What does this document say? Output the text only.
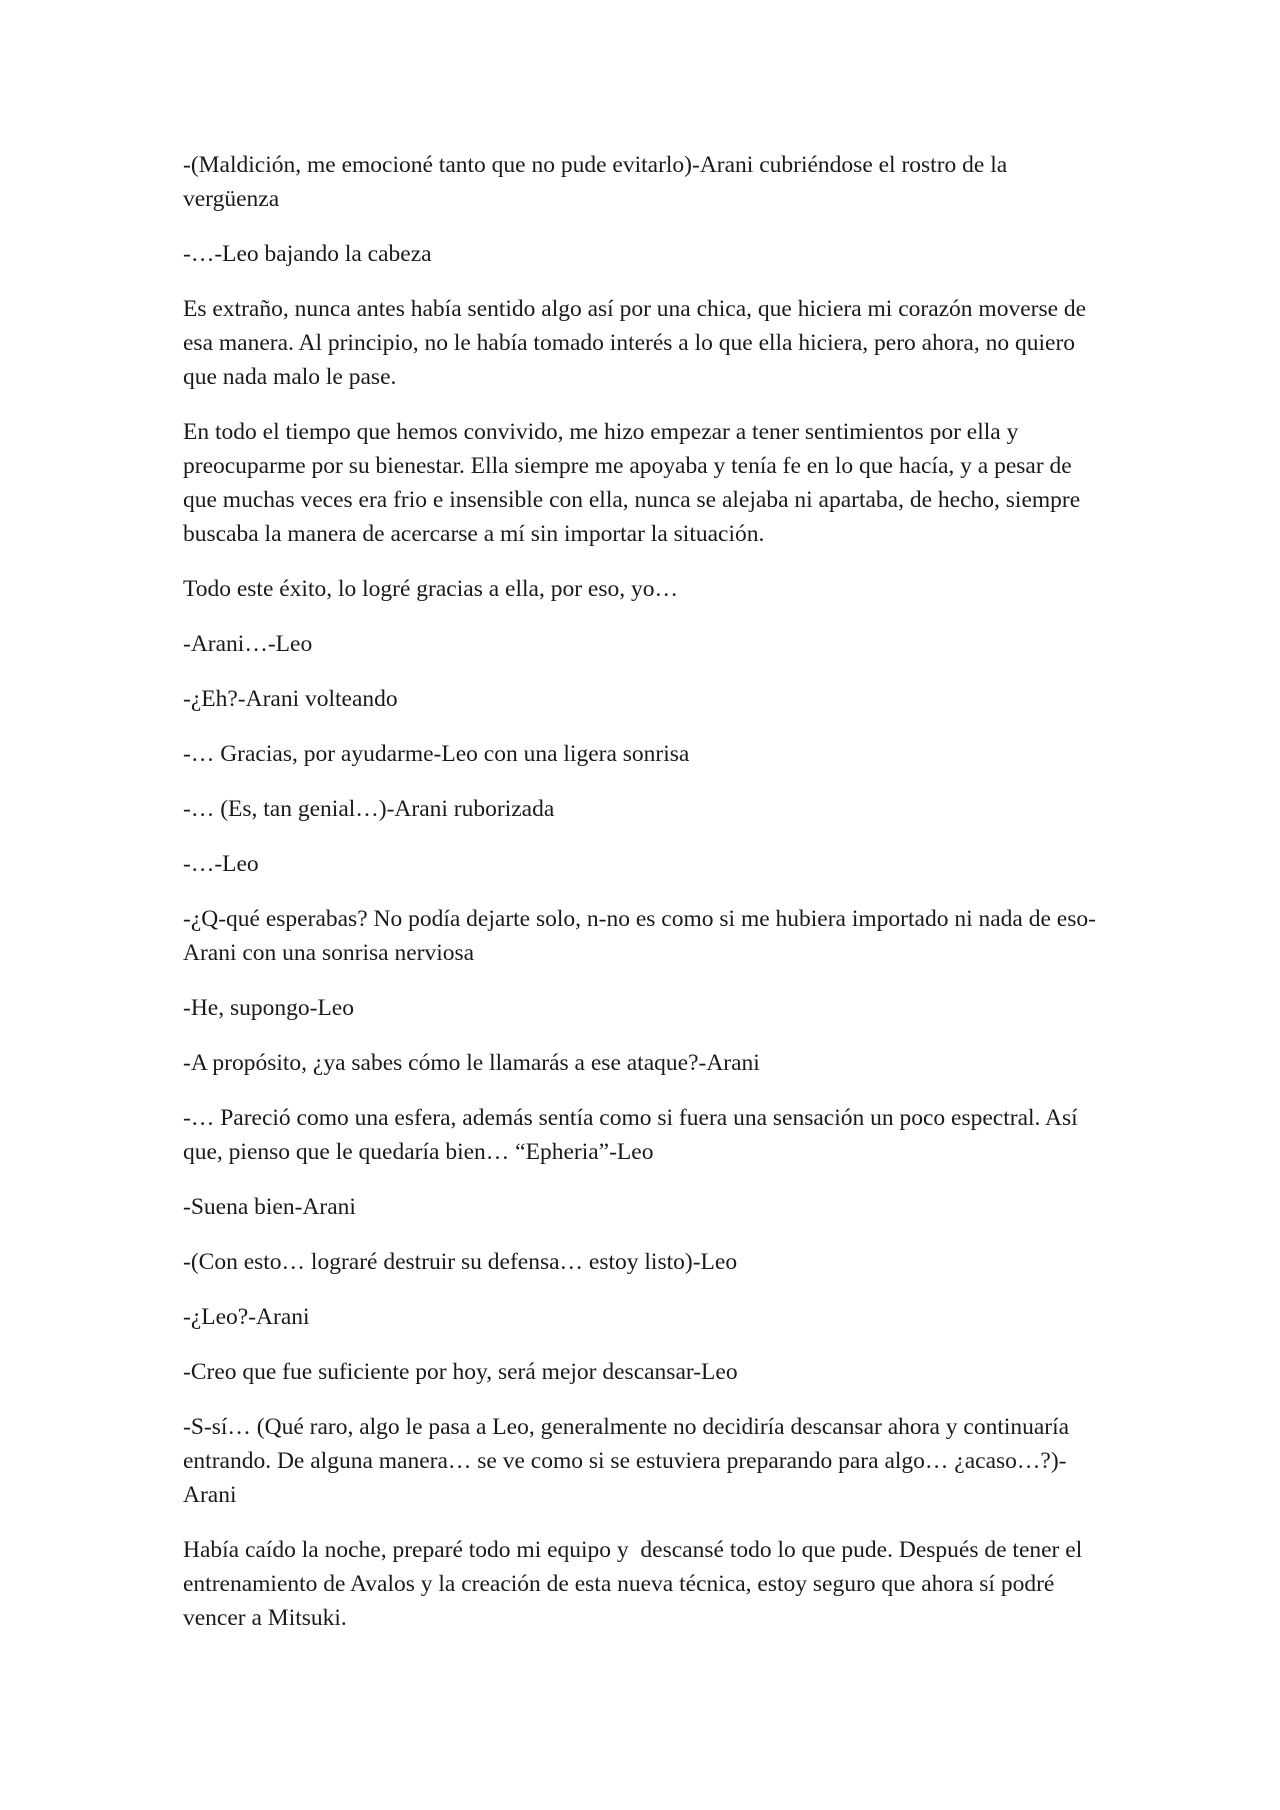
-(Maldición, me emocioné tanto que no pude evitarlo)-Arani cubriéndose el rostro de la vergüenza

-…-Leo bajando la cabeza

Es extraño, nunca antes había sentido algo así por una chica, que hiciera mi corazón moverse de esa manera. Al principio, no le había tomado interés a lo que ella hiciera, pero ahora, no quiero que nada malo le pase.

En todo el tiempo que hemos convivido, me hizo empezar a tener sentimientos por ella y preocuparme por su bienestar. Ella siempre me apoyaba y tenía fe en lo que hacía, y a pesar de que muchas veces era frio e insensible con ella, nunca se alejaba ni apartaba, de hecho, siempre buscaba la manera de acercarse a mí sin importar la situación.

Todo este éxito, lo logré gracias a ella, por eso, yo…

-Arani…-Leo

-¿Eh?-Arani volteando

-… Gracias, por ayudarme-Leo con una ligera sonrisa

-… (Es, tan genial…)-Arani ruborizada

-…-Leo

-¿Q-qué esperabas? No podía dejarte solo, n-no es como si me hubiera importado ni nada de eso-Arani con una sonrisa nerviosa

-He, supongo-Leo

-A propósito, ¿ya sabes cómo le llamarás a ese ataque?-Arani

-… Pareció como una esfera, además sentía como si fuera una sensación un poco espectral. Así que, pienso que le quedaría bien… “Epheria”-Leo

-Suena bien-Arani

-(Con esto… lograré destruir su defensa… estoy listo)-Leo

-¿Leo?-Arani

-Creo que fue suficiente por hoy, será mejor descansar-Leo

-S-sí… (Qué raro, algo le pasa a Leo, generalmente no decidiría descansar ahora y continuaría entrando. De alguna manera… se ve como si se estuviera preparando para algo… ¿acaso…?)-Arani

Había caído la noche, preparé todo mi equipo y  descansé todo lo que pude. Después de tener el entrenamiento de Avalos y la creación de esta nueva técnica, estoy seguro que ahora sí podré vencer a Mitsuki.
